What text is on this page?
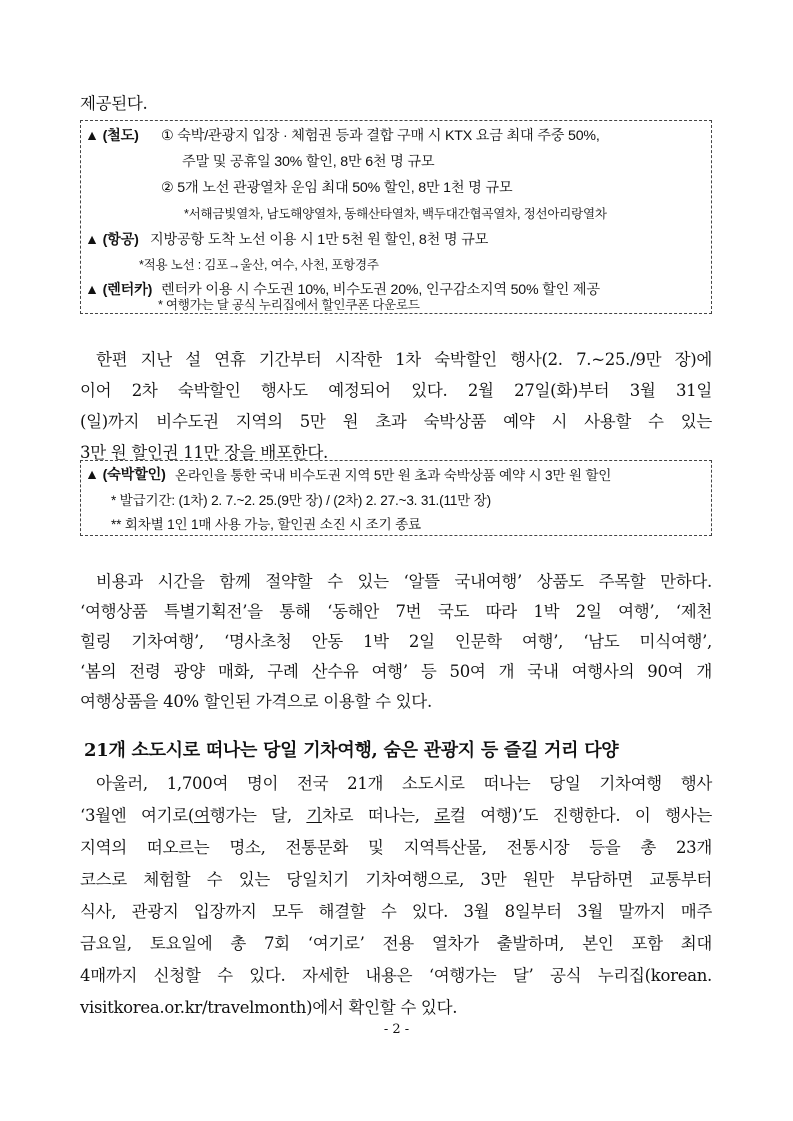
제공된다.
▲ (철도) ① 숙박/관광지 입장 · 체험권 등과 결합 구매 시 KTX 요금 최대 주중 50%,
주말 및 공휴일 30% 할인, 8만 6천 명 규모
② 5개 노선 관광열차 운임 최대 50% 할인, 8만 1천 명 규모
*서해금빛열차, 남도해양열차, 동해산타열차, 백두대간협곡열차, 정선아리랑열차
▲ (항공) 지방공항 도착 노선 이용 시 1만 5천 원 할인, 8천 명 규모
*적용 노선 : 김포→울산, 여수, 사천, 포항경주
▲ (렌터카) 렌터카 이용 시 수도권 10%, 비수도권 20%, 인구감소지역 50% 할인 제공
* 여행가는 달 공식 누리집에서 할인쿠폰 다운로드
한편 지난 설 연휴 기간부터 시작한 1차 숙박할인 행사(2. 7.~25./9만 장)에
이어 2차 숙박할인 행사도 예정되어 있다. 2월 27일(화)부터 3월 31일
(일)까지 비수도권 지역의 5만 원 초과 숙박상품 예약 시 사용할 수 있는
3만 원 할인권 11만 장을 배포한다.
▲ (숙박할인) 온라인을 통한 국내 비수도권 지역 5만 원 초과 숙박상품 예약 시 3만 원 할인
* 발급기간: (1차) 2. 7.~2. 25.(9만 장) / (2차) 2. 27.~3. 31.(11만 장)
** 회차별 1인 1매 사용 가능, 할인권 소진 시 조기 종료
비용과 시간을 함께 절약할 수 있는 ‘알뜰 국내여행’ 상품도 주목할 만하다.
‘여행상품 특별기획전’을 통해 ‘동해안 7번 국도 따라 1박 2일 여행’, ‘제천
힐링 기차여행’, ‘명사초청 안동 1박 2일 인문학 여행’, ‘남도 미식여행’,
‘봄의 전령 광양 매화, 구례 산수유 여행’ 등 50여 개 국내 여행사의 90여 개
여행상품을 40% 할인된 가격으로 이용할 수 있다.
21개 소도시로 떠나는 당일 기차여행, 숨은 관광지 등 즐길 거리 다양
아울러, 1,700여 명이 전국 21개 소도시로 떠나는 당일 기차여행 행사
‘3월엔 여기로(여행가는 달, 기차로 떠나는, 로컬 여행)’도 진행한다. 이 행사는
지역의 떠오르는 명소, 전통문화 및 지역특산물, 전통시장 등을 총 23개
코스로 체험할 수 있는 당일치기 기차여행으로, 3만 원만 부담하면 교통부터
식사, 관광지 입장까지 모두 해결할 수 있다. 3월 8일부터 3월 말까지 매주
금요일, 토요일에 총 7회 ‘여기로’ 전용 열차가 출발하며, 본인 포함 최대
4매까지 신청할 수 있다. 자세한 내용은 ‘여행가는 달’ 공식 누리집(korean.
visitkorea.or.kr/travelmonth)에서 확인할 수 있다.
- 2 -
